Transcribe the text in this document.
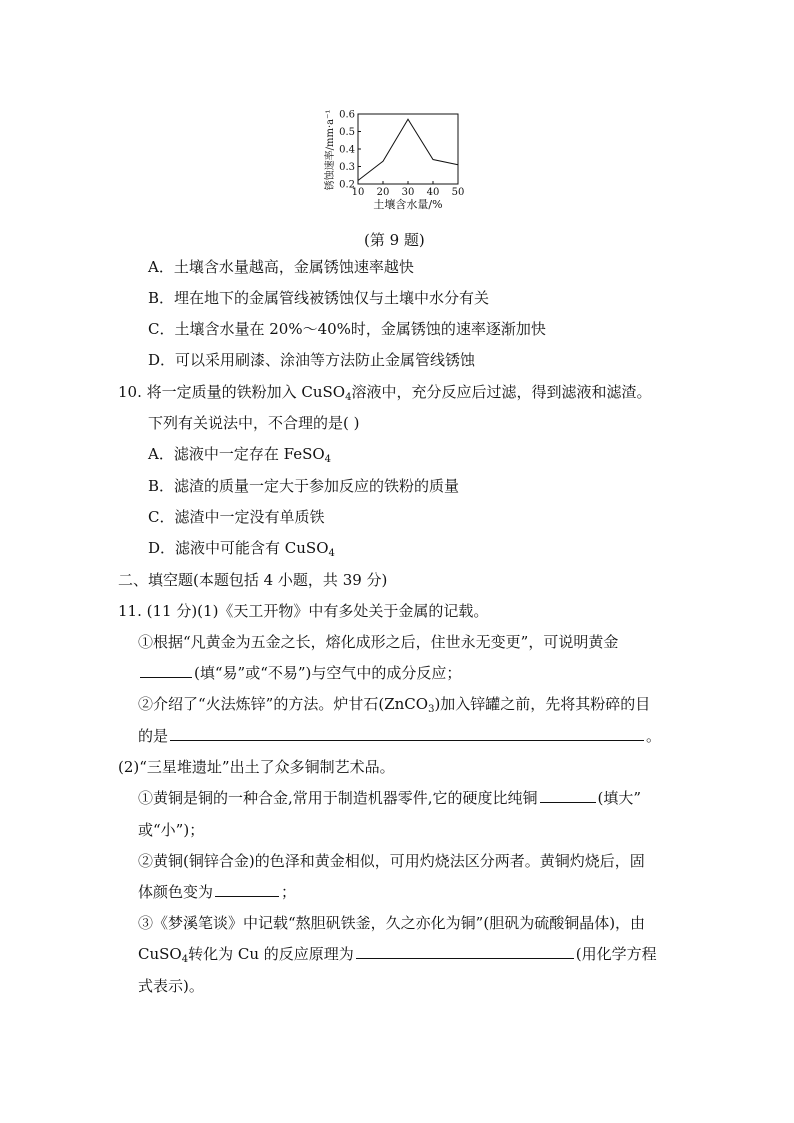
0.2
0.3
0.4
0.5
0.6
10 20 30 40 50
土壤含水量/%
锈蚀速率/mm·a⁻¹
(第 9 题)
A．土壤含水量越高，金属锈蚀速率越快
B．埋在地下的金属管线被锈蚀仅与土壤中水分有关
C．土壤含水量在 20%～40%时，金属锈蚀的速率逐渐加快
D．可以采用刷漆、涂油等方法防止金属管线锈蚀
10. 将一定质量的铁粉加入 CuSO$_4$溶液中，充分反应后过滤，得到滤液和滤渣。
下列有关说法中，不合理的是( )
A．滤液中一定存在 FeSO$_4$
B．滤渣的质量一定大于参加反应的铁粉的质量
C．滤渣中一定没有单质铁
D．滤液中可能含有 CuSO$_4$
二、填空题(本题包括 4 小题，共 39 分)
11. (11 分)(1)《天工开物》中有多处关于金属的记载。
①根据“凡黄金为五金之长，熔化成形之后，住世永无变更”，可说明黄金
(填“易”或“不易”)与空气中的成分反应；
②介绍了“火法炼锌”的方法。炉甘石(ZnCO$_3$)加入锌罐之前，先将其粉碎的目
的是	。
(2)“三星堆遗址”出土了众多铜制艺术品。
①黄铜是铜的一种合金,常用于制造机器零件,它的硬度比纯铜	(填大”
或“小”)；
②黄铜(铜锌合金)的色泽和黄金相似，可用灼烧法区分两者。黄铜灼烧后，固
体颜色变为	；
③《梦溪笔谈》中记载“熬胆矾铁釜，久之亦化为铜”(胆矾为硫酸铜晶体)，由
CuSO$_4$转化为 Cu 的反应原理为	(用化学方程
式表示)。
